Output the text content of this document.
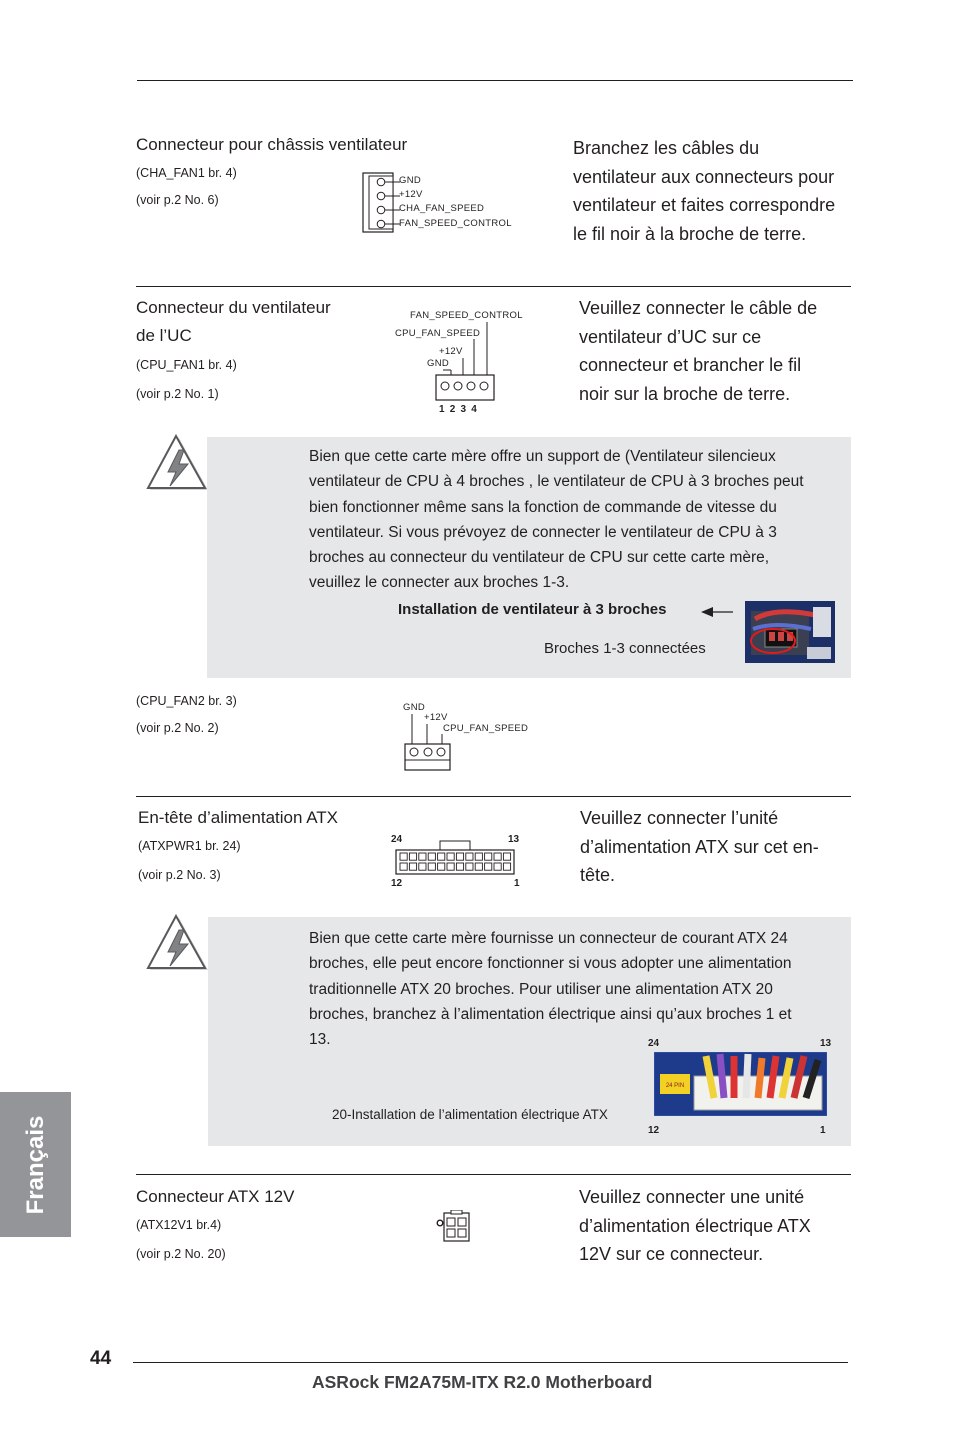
Connecteur pour châssis ventilateur
(CHA_FAN1 br. 4)
(voir p.2 No. 6)
GND
+12V
CHA_FAN_SPEED
FAN_SPEED_CONTROL
Branchez les câbles du
ventilateur aux connecteurs pour
ventilateur et faites correspondre
le fil noir à la broche de terre.
Connecteur du ventilateur
de l’UC
(CPU_FAN1 br. 4)
(voir p.2 No. 1)
FAN_SPEED_CONTROL
CPU_FAN_SPEED
+12V
GND
1 2 3 4
Veuillez connecter le câble de
ventilateur d’UC sur ce
connecteur et brancher le fil
noir sur la broche de terre.
Bien que cette carte mère offre un support de (Ventilateur silencieux
ventilateur de CPU à 4 broches , le ventilateur de CPU à 3 broches peut
bien fonctionner même sans la fonction de commande de vitesse du
ventilateur. Si vous prévoyez de connecter le ventilateur de CPU à 3
broches au connecteur du ventilateur de CPU sur cette carte mère,
veuillez le connecter aux broches 1-3.
Installation de ventilateur à 3 broches
Broches 1-3 connectées
(CPU_FAN2 br. 3)
(voir p.2 No. 2)
GND
+12V
CPU_FAN_SPEED
En-tête d’alimentation ATX
(ATXPWR1 br. 24)
(voir p.2 No. 3)
24	13
12	1
Veuillez connecter l’unité
d’alimentation ATX sur cet en-
tête.
Bien que cette carte mère fournisse un connecteur de courant ATX 24
broches, elle peut encore fonctionner si vous adopter une alimentation
traditionnelle ATX 20 broches. Pour utiliser une alimentation ATX 20
broches, branchez à l’alimentation électrique ainsi qu’aux broches 1 et
13.
20-Installation de l’alimentation électrique ATX
24	13
12	1
24 PIN
Connecteur ATX 12V
(ATX12V1 br.4)
(voir p.2 No. 20)
Veuillez connecter une unité
d’alimentation électrique ATX
12V sur ce connecteur.
Français
44
ASRock FM2A75M-ITX R2.0 Motherboard
